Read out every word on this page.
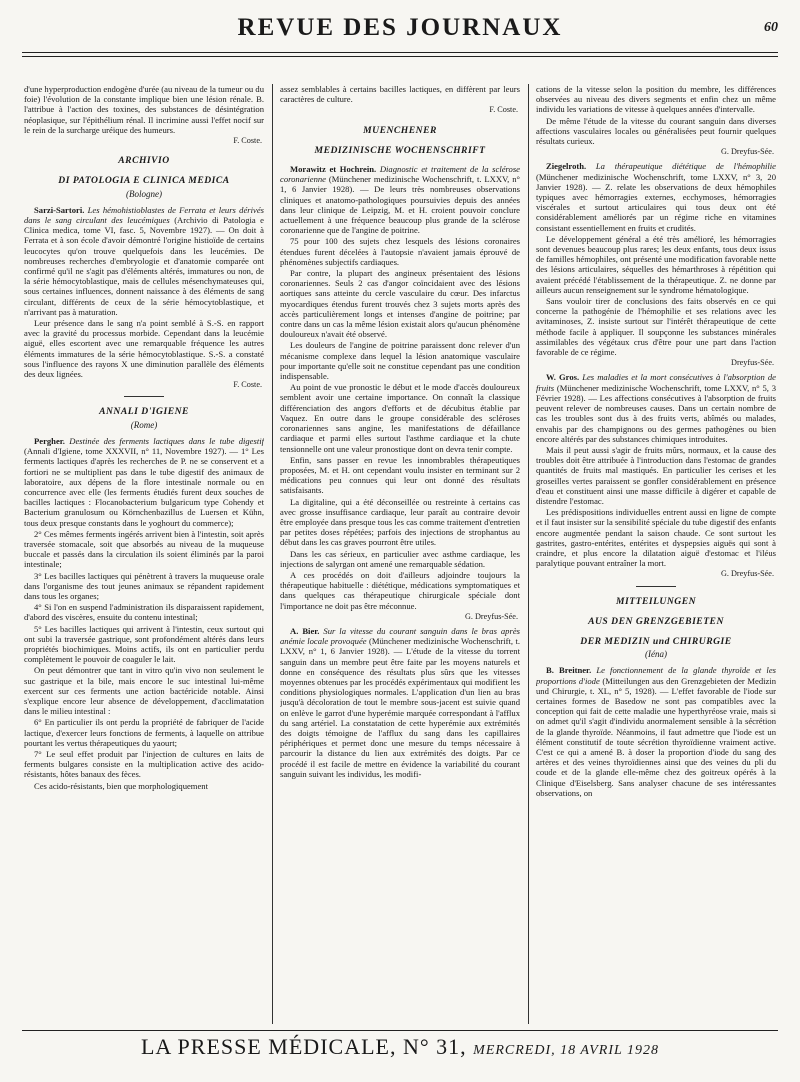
REVUE DES JOURNAUX	60

d'une hyperproduction endogène d'urée (au niveau de la tumeur ou du foie) l'évolution de la constante implique bien une lésion rénale. B. l'attribue à l'action des toxines, des substances de désintégration néoplasique, sur l'épithélium rénal. Il incrimine aussi l'effet nocif sur le rein de la surcharge uréique des humeurs.

F. Coste.
ARCHIVIO
DI PATOLOGIA E CLINICA MEDICA
(Bologne)

Sarzi-Sartori. Les hémohistioblastes de Ferrata et leurs dérivés dans le sang circulant des leucémiques (Archivio di Patologia e Clinica medica, tome VI, fasc. 5, Novembre 1927). — On doit à Ferrata et à son école d'avoir démontré l'origine histioïde de certains leucocytes qu'on trouve quelquefois dans les leucémies. De nombreuses recherches d'embryologie et d'anatomie comparée ont confirmé qu'il ne s'agit pas d'éléments altérés, immatures ou non, de la série hémocytoblastique, mais de cellules mésenchymateuses qui, sous certaines influences, donnent naissance à des éléments de sang circulant, différents de ceux de la série hémocytoblastique, et n'arrivant pas à maturation.

Leur présence dans le sang n'a point semblé à S.-S. en rapport avec la gravité du processus morbide. Cependant dans la leucémie aiguë, elles escortent avec une remarquable fréquence les autres éléments immatures de la série hémocytoblastique. S.-S. a constaté sous l'influence des rayons X une diminution parallèle des éléments des deux lignées.

F. Coste.
ANNALI D'IGIENE
(Rome)

Pergher. Destinée des ferments lactiques dans le tube digestif (Annali d'Igiene, tome XXXVII, n° 11, Novembre 1927). — 1° Les ferments lactiques d'après les recherches de P. ne se conservent et a fortiori ne se multiplient pas dans le tube digestif des animaux de laboratoire, aux dépens de la flore intestinale normale ou en concurrence avec elle (les ferments étudiés furent deux souches de bacilles lactiques : Flocanobacterium bulgaricum type Cohendy et Bacterium granulosum ou Körnchenbazillus de Luersen et Kühn, tous deux presque constants dans le yoghourt du commerce);

2° Ces mêmes ferments ingérés arrivent bien à l'intestin, soit après traversée stomacale, soit que absorbés au niveau de la muqueuse buccale et passés dans la circulation ils soient éliminés par la paroi intestinale;

3° Les bacilles lactiques qui pénètrent à travers la muqueuse orale dans l'organisme des tout jeunes animaux se répandent rapidement dans tous les organes;

4° Si l'on en suspend l'administration ils disparaissent rapidement, d'abord des viscères, ensuite du contenu intestinal;

5° Les bacilles lactiques qui arrivent à l'intestin, ceux surtout qui ont subi la traversée gastrique, sont profondément altérés dans leurs propriétés biochimiques. Moins actifs, ils ont en particulier perdu complètement le pouvoir de coaguler le lait.

On peut démontrer que tant in vitro qu'in vivo non seulement le suc gastrique et la bile, mais encore le suc intestinal lui-même exercent sur ces ferments une action bactéricide notable. Ainsi s'explique encore leur absence de développement, d'acclimatation dans le milieu intestinal :

6° En particulier ils ont perdu la propriété de fabriquer de l'acide lactique, d'exercer leurs fonctions de ferments, à laquelle on attribue pourtant les vertus thérapeutiques du yaourt;

7° Le seul effet produit par l'injection de cultures en laits de ferments bulgares consiste en la multiplication active des acido-résistants, hôtes banaux des fèces.

Ces acido-résistants, bien que morphologiquement

assez semblables à certains bacilles lactiques, en diffèrent par leurs caractères de culture.

F. Coste.
MUENCHENER
MEDIZINISCHE WOCHENSCHRIFT

Morawitz et Hochrein. Diagnostic et traitement de la sclérose coronarienne (Münchener medizinische Wochenschrift, t. LXXV, n° 1, 6 Janvier 1928). — De leurs très nombreuses observations cliniques et anatomo-pathologiques poursuivies depuis des années dans leur clinique de Leipzig, M. et H. croient pouvoir conclure actuellement à une fréquence beaucoup plus grande de la sclérose coronarienne que de l'angine de poitrine.

75 pour 100 des sujets chez lesquels des lésions coronaires étendues furent décelées à l'autopsie n'avaient jamais éprouvé de phénomènes subjectifs cardiaques.

Par contre, la plupart des angineux présentaient des lésions coronariennes. Seuls 2 cas d'angor coïncidaient avec des lésions aortiques sans atteinte du cercle vasculaire du cœur. Des infarctus myocardiques étendus furent trouvés chez 3 sujets morts après des accès particulièrement longs et intenses d'angine de poitrine; par contre dans un cas la même lésion existait alors qu'aucun phénomène douloureux n'avait été observé.

Les douleurs de l'angine de poitrine paraissent donc relever d'un mécanisme complexe dans lequel la lésion anatomique vasculaire pour importante qu'elle soit ne constitue cependant pas une condition indispensable.

Au point de vue pronostic le début et le mode d'accès douloureux semblent avoir une certaine importance. On connaît la classique différenciation des angors d'efforts et de décubitus établie par Vaquez. En outre dans le groupe considérable des scléroses coronariennes sans angine, les manifestations de défaillance cardiaque et parmi elles surtout l'asthme cardiaque et la chute tensionnelle ont une valeur pronostique dont on devra tenir compte.

Enfin, sans passer en revue les innombrables thérapeutiques proposées, M. et H. ont cependant voulu insister en terminant sur 2 médications peu connues qui leur ont donné des résultats satisfaisants.

La digitaline, qui a été déconseillée ou restreinte à certains cas avec grosse insuffisance cardiaque, leur paraît au contraire devoir être employée dans presque tous les cas comme traitement d'entretien par petites doses répétées; parfois des injections de strophantus au début dans les cas graves pourront être utiles.

Dans les cas sérieux, en particulier avec asthme cardiaque, les injections de salyrgan ont amené une remarquable sédation.

A ces procédés on doit d'ailleurs adjoindre toujours la thérapeutique habituelle : diététique, médications symptomatiques et dans quelques cas thérapeutique chirurgicale spéciale dont l'importance ne doit pas être méconnue.

G. Dreyfus-Sée.

A. Bier. Sur la vitesse du courant sanguin dans le bras après anémie locale provoquée (Münchener medizinische Wochenschrift, t. LXXV, n° 1, 6 Janvier 1928). — L'étude de la vitesse du torrent sanguin dans un membre peut être faite par les moyens naturels et donne en conséquence des résultats plus sûrs que les vitesses moyennes obtenues par les procédés expérimentaux qui modifient les conditions physiologiques normales. L'application d'un lien au bras jusqu'à décoloration de tout le membre sous-jacent est suivie quand on enlève le garrot d'une hyperémie marquée correspondant à l'afflux du sang artériel. La constatation de cette hyperémie aux extrémités des doigts témoigne de l'afflux du sang dans les capillaires périphériques et permet donc une mesure du temps nécessaire à parcourir la distance du lien aux extrémités des doigts. Par ce procédé il est facile de mettre en évidence la variabilité du courant sanguin suivant les individus, les modifi-

cations de la vitesse selon la position du membre, les différences observées au niveau des divers segments et enfin chez un même individu les variations de vitesse à quelques années d'intervalle.

De même l'étude de la vitesse du courant sanguin dans diverses affections vasculaires locales ou généralisées peut fournir quelques résultats curieux.

G. Dreyfus-Sée.

Ziegelroth. La thérapeutique diététique de l'hémophilie (Münchener medizinische Wochenschrift, tome LXXV, n° 3, 20 Janvier 1928). — Z. relate les observations de deux hémophiles typiques avec hémorragies externes, ecchymoses, hémorragies viscérales et surtout articulaires qui tous deux ont été considérablement améliorés par un régime riche en vitamines consistant essentiellement en fruits et crudités.

Le développement général a été très amélioré, les hémorragies sont devenues beaucoup plus rares; les deux enfants, tous deux issus de familles hémophiles, ont présenté une modification favorable nette des lésions articulaires, séquelles des hémarthroses à répétition qui avaient précédé l'établissement de la thérapeutique. Z. ne donne par ailleurs aucun renseignement sur le syndrome hématologique.

Sans vouloir tirer de conclusions des faits observés en ce qui concerne la pathogénie de l'hémophilie et ses relations avec les avitaminoses, Z. insiste surtout sur l'intérêt thérapeutique de cette méthode facile à appliquer. Il soupçonne les substances minérales assimilables des végétaux crus d'être pour une part dans l'action favorable de ce régime.

Dreyfus-Sée.

W. Gros. Les maladies et la mort consécutives à l'absorption de fruits (Münchener medizinische Wochenschrift, tome LXXV, n° 5, 3 Février 1928). — Les affections consécutives à l'absorption de fruits peuvent relever de nombreuses causes. Dans un certain nombre de cas les troubles sont dus à des fruits verts, abîmés ou malades, envahis par des champignons ou des germes pathogènes ou bien encore altérés par des substances chimiques introduites.

Mais il peut aussi s'agir de fruits mûrs, normaux, et la cause des troubles doit être attribuée à l'introduction dans l'estomac de grandes quantités de fruits mal mastiqués. En particulier les cerises et les groseilles vertes paraissent se gonfler considérablement en présence d'eau et constituent ainsi une masse difficile à digérer et capable de distendre l'estomac.

Les prédispositions individuelles entrent aussi en ligne de compte et il faut insister sur la sensibilité spéciale du tube digestif des enfants encore augmentée pendant la saison chaude. Ce sont surtout les gastrites, gastro-entérites, entérites et dyspepsies aiguës qui sont à craindre, et plus encore la dilatation aiguë d'estomac et l'iléus paralytique pouvant entraîner la mort.

G. Dreyfus-Sée.
MITTEILUNGEN
AUS DEN GRENZGEBIETEN
DER MEDIZIN und CHIRURGIE
(Iéna)

B. Breitner. Le fonctionnement de la glande thyroïde et les proportions d'iode (Mitteilungen aus den Grenzgebieten der Medizin und Chirurgie, t. XL, n° 5, 1928). — L'effet favorable de l'iode sur certaines formes de Basedow ne sont pas compatibles avec la conception qui fait de cette maladie une hyperthyréose vraie, mais si on admet qu'il s'agit d'individu anormalement sensible à la sécrétion de la glande thyroïde. Néanmoins, il faut admettre que l'iode est un élément constitutif de toute sécrétion thyroïdienne vraiment active. C'est ce qui a amené B. à doser la proportion d'iode du sang des artères et des veines thyroïdiennes ainsi que des veines du pli du coude et de la glande elle-même chez des goitreux opérés à la Clinique d'Eiselsberg. Sans analyser chacune de ses intéressantes observations, on

LA PRESSE MÉDICALE, N° 31, MERCREDI, 18 AVRIL 1928
